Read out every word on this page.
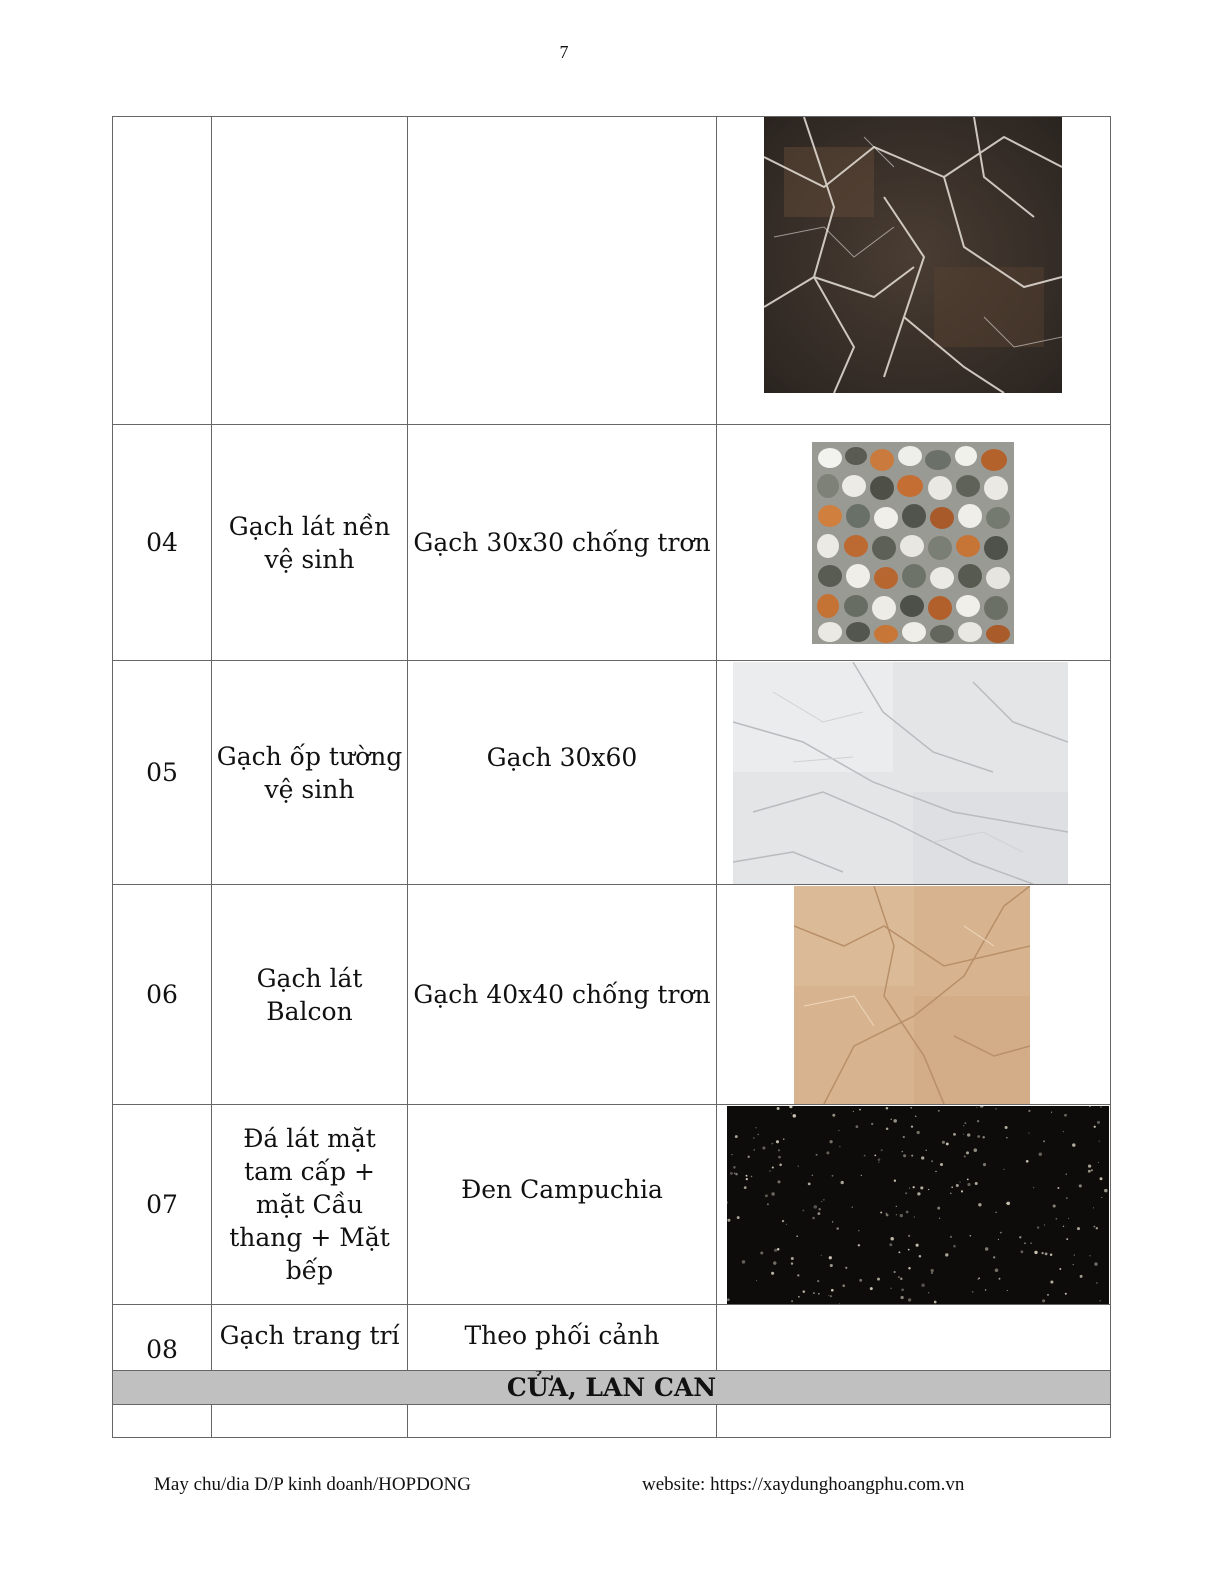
7

04	Gạch lát nền vệ sinh	Gạch 30x30 chống trơn	

05	Gạch ốp tường vệ sinh	Gạch 30x60	

06	Gạch lát Balcon	Gạch 40x40 chống trơn	

07	Đá lát mặt tam cấp + mặt Cầu thang + Mặt bếp	Đen Campuchia	

08	Gạch trang trí	Theo phối cảnh	
CỬA, LAN CAN			

May chu/dia D/P kinh doanh/HOPDONG	website: https://xaydunghoangphu.com.vn
